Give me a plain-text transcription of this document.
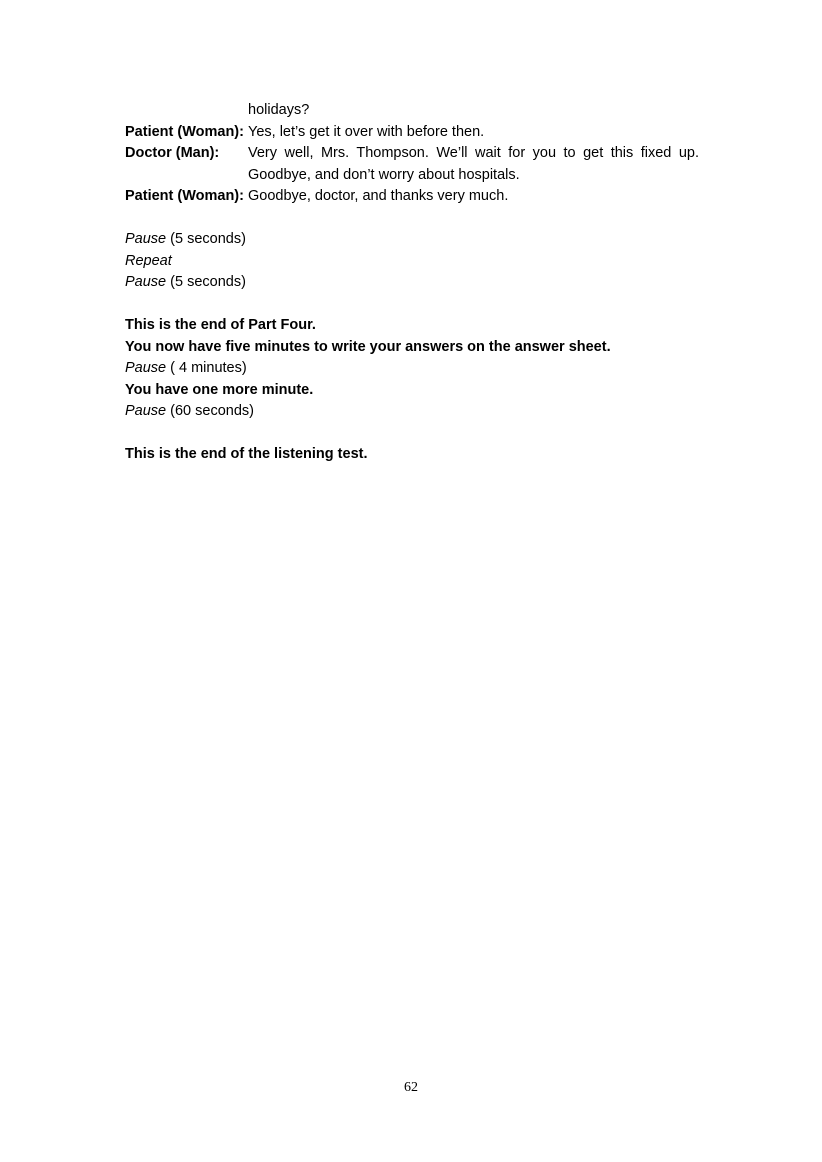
holidays?
Patient (Woman): Yes, let’s get it over with before then.
Doctor (Man):	Very well, Mrs. Thompson. We’ll wait for you to get this fixed up.
Goodbye, and don’t worry about hospitals.
Patient (Woman): Goodbye, doctor, and thanks very much.
Pause (5 seconds)
Repeat
Pause (5 seconds)
This is the end of Part Four.
You now have five minutes to write your answers on the answer sheet.
Pause ( 4 minutes)
You have one more minute.
Pause (60 seconds)
This is the end of the listening test.
62
